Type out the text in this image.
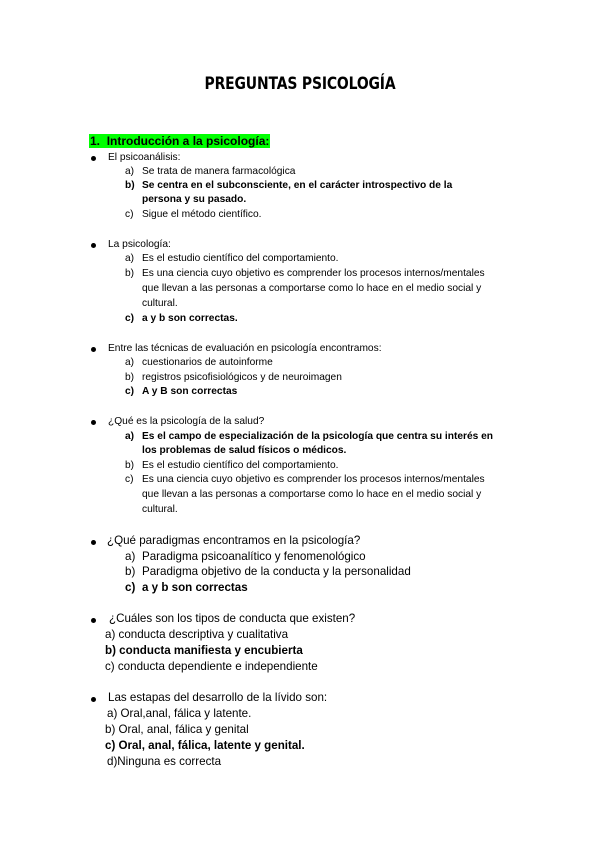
PREGUNTAS PSICOLOGÍA
1. Introducción a la psicología:
El psicoanálisis:
a) Se trata de manera farmacológica
b) Se centra en el subconsciente, en el carácter introspectivo de la
persona y su pasado.
c) Sigue el método científico.
La psicología:
a) Es el estudio científico del comportamiento.
b) Es una ciencia cuyo objetivo es comprender los procesos internos/mentales
que llevan a las personas a comportarse como lo hace en el medio social y
cultural.
c) a y b son correctas.
Entre las técnicas de evaluación en psicología encontramos:
a) cuestionarios de autoinforme
b) registros psicofisiológicos y de neuroimagen
c) A y B son correctas
¿Qué es la psicología de la salud?
a) Es el campo de especialización de la psicología que centra su interés en
los problemas de salud físicos o médicos.
b) Es el estudio científico del comportamiento.
c) Es una ciencia cuyo objetivo es comprender los procesos internos/mentales
que llevan a las personas a comportarse como lo hace en el medio social y
cultural.
¿Qué paradigmas encontramos en la psicología?
a) Paradigma psicoanalítico y fenomenológico
b) Paradigma objetivo de la conducta y la personalidad
c) a y b son correctas
¿Cuáles son los tipos de conducta que existen?
a) conducta descriptiva y cualitativa
b) conducta manifiesta y encubierta
c) conducta dependiente e independiente
Las estapas del desarrollo de la lívido son:
a) Oral,anal, fálica y latente.
b) Oral, anal, fálica y genital
c) Oral, anal, fálica, latente y genital.
d)Ninguna es correcta
